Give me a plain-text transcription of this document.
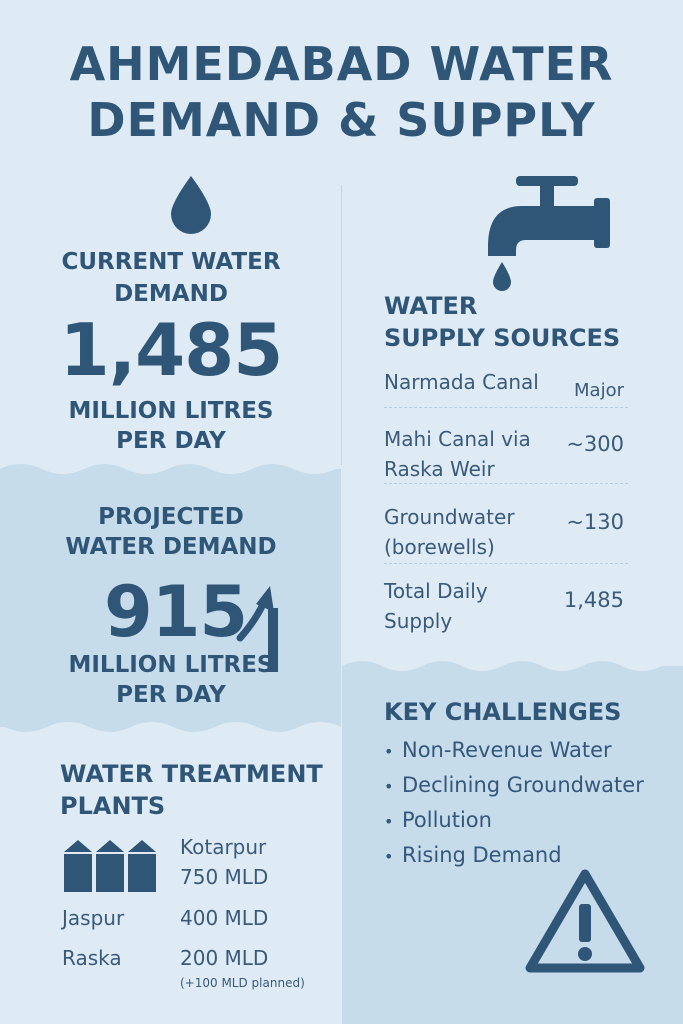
AHMEDABAD WATER
DEMAND & SUPPLY
CURRENT WATER
DEMAND
1,485
MILLION LITRES
PER DAY
PROJECTED
WATER DEMAND
915
MILLION LITRES
PER DAY
WATER
SUPPLY SOURCES
Narmada Canal Major
Mahi Canal via
Raska Weir
~300
Groundwater
(borewells)
~130
Total Daily
Supply
1,485
KEY CHALLENGES
• Non-Revenue Water
• Declining Groundwater
• Pollution
• Rising Demand
WATER TREATMENT
PLANTS
Kotarpur
750 MLD
Jaspur	400 MLD
Raska	200 MLD
(+100 MLD planned)
